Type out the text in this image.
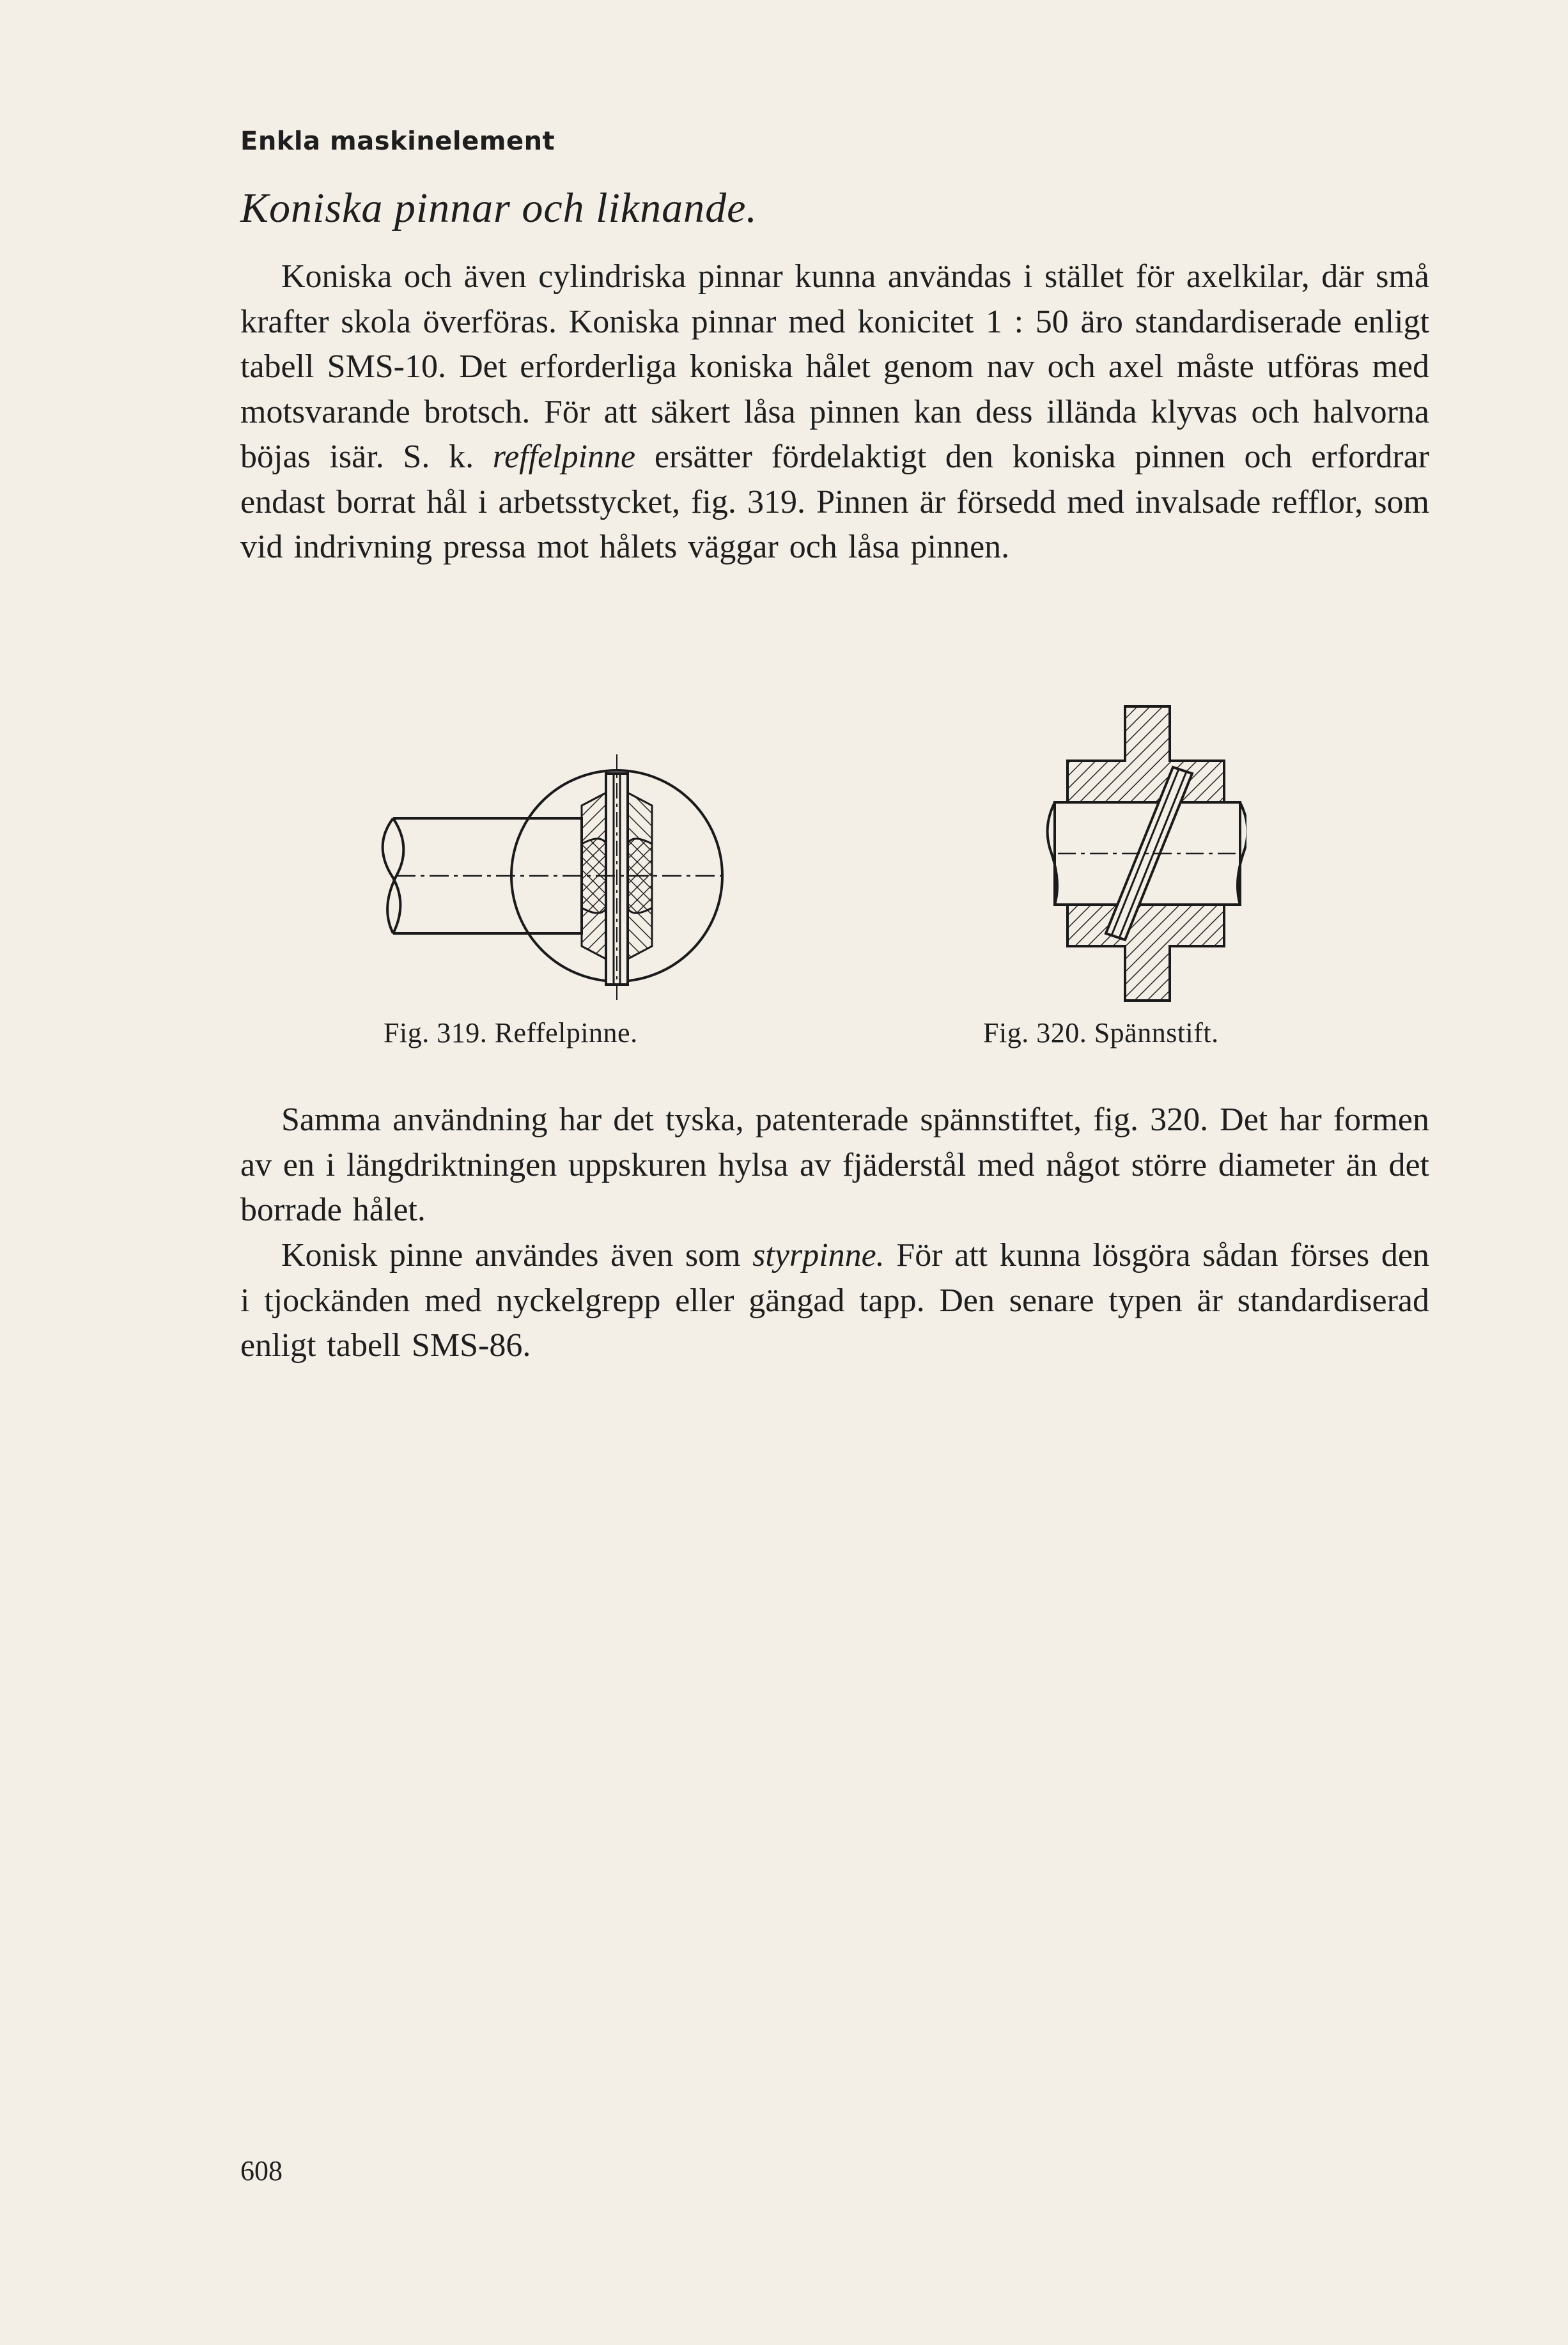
Enkla maskinelement
Koniska pinnar och liknande.
Koniska och även cylindriska pinnar kunna användas i stället för axelkilar, där små krafter skola överföras. Koniska pinnar med konicitet 1 : 50 äro standardiserade enligt tabell SMS-10. Det erforderliga koniska hålet genom nav och axel måste utföras med motsvarande brotsch. För att säkert låsa pinnen kan dess illända klyvas och halvorna böjas isär. S. k. reffelpinne ersätter fördelaktigt den koniska pinnen och erfordrar endast borrat hål i arbetsstycket, fig. 319. Pinnen är försedd med invalsade refflor, som vid indrivning pressa mot hålets väggar och låsa pinnen.
Fig. 319. Reffelpinne.	Fig. 320. Spännstift.
Samma användning har det tyska, patenterade spännstiftet, fig. 320. Det har formen av en i längdriktningen uppskuren hylsa av fjäderstål med något större diameter än det borrade hålet.
Konisk pinne användes även som styrpinne. För att kunna lösgöra sådan förses den i tjockänden med nyckelgrepp eller gängad tapp. Den senare typen är standardiserad enligt tabell SMS-86.
608
